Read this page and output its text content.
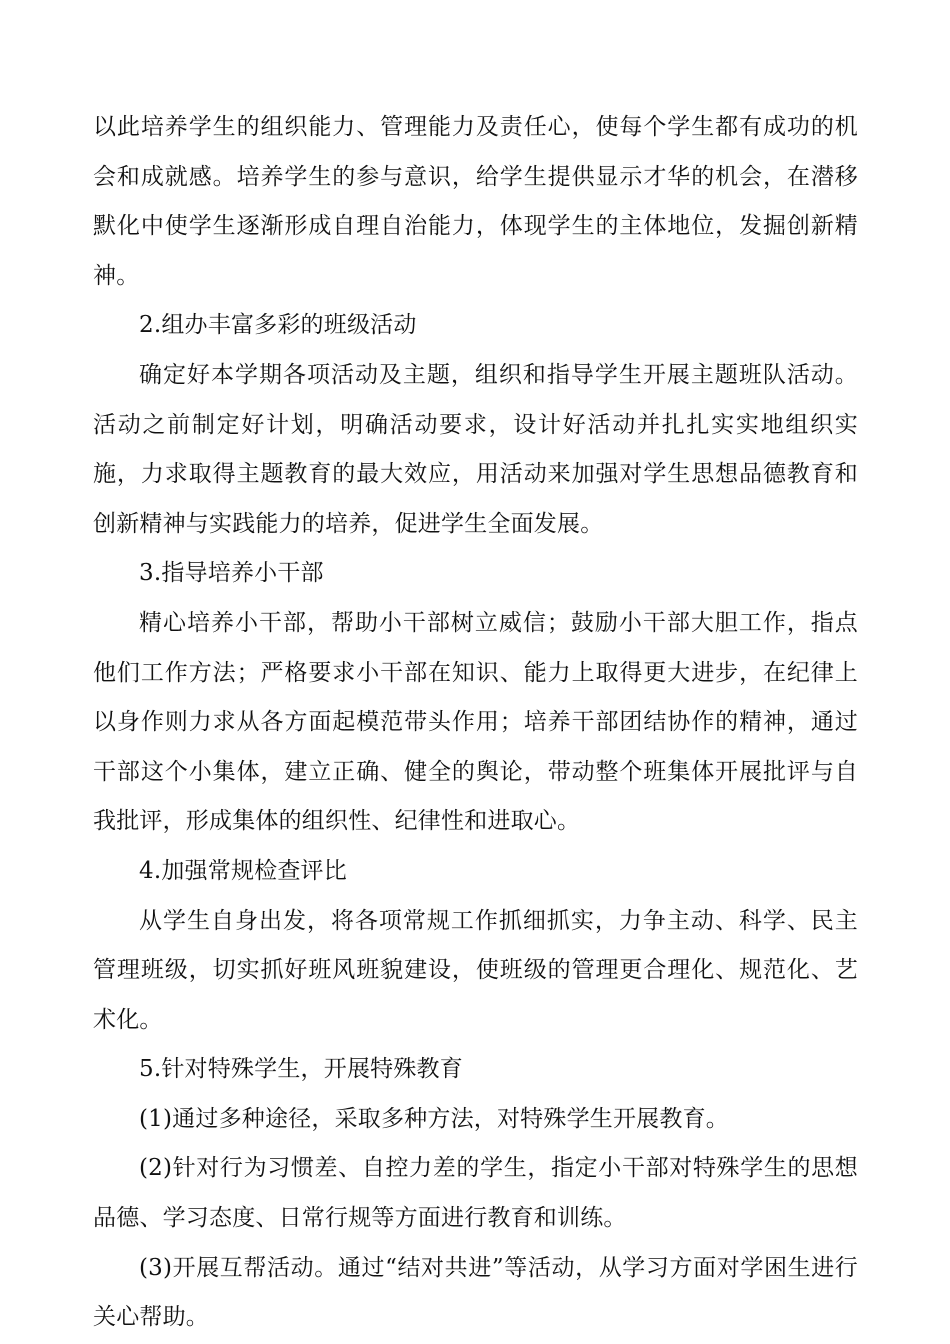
以此培养学生的组织能力、管理能力及责任心，使每个学生都有成功的机会和成就感。培养学生的参与意识，给学生提供显示才华的机会，在潜移默化中使学生逐渐形成自理自治能力，体现学生的主体地位，发掘创新精神。

2.组办丰富多彩的班级活动

确定好本学期各项活动及主题，组织和指导学生开展主题班队活动。活动之前制定好计划，明确活动要求，设计好活动并扎扎实实地组织实施，力求取得主题教育的最大效应，用活动来加强对学生思想品德教育和创新精神与实践能力的培养，促进学生全面发展。

3.指导培养小干部

精心培养小干部，帮助小干部树立威信；鼓励小干部大胆工作，指点他们工作方法；严格要求小干部在知识、能力上取得更大进步，在纪律上以身作则力求从各方面起模范带头作用；培养干部团结协作的精神，通过干部这个小集体，建立正确、健全的舆论，带动整个班集体开展批评与自我批评，形成集体的组织性、纪律性和进取心。

4.加强常规检查评比

从学生自身出发，将各项常规工作抓细抓实，力争主动、科学、民主管理班级，切实抓好班风班貌建设，使班级的管理更合理化、规范化、艺术化。

5.针对特殊学生，开展特殊教育

(1)通过多种途径，采取多种方法，对特殊学生开展教育。

(2)针对行为习惯差、自控力差的学生，指定小干部对特殊学生的思想品德、学习态度、日常行规等方面进行教育和训练。

(3)开展互帮活动。通过“结对共进”等活动，从学习方面对学困生进行关心帮助。
